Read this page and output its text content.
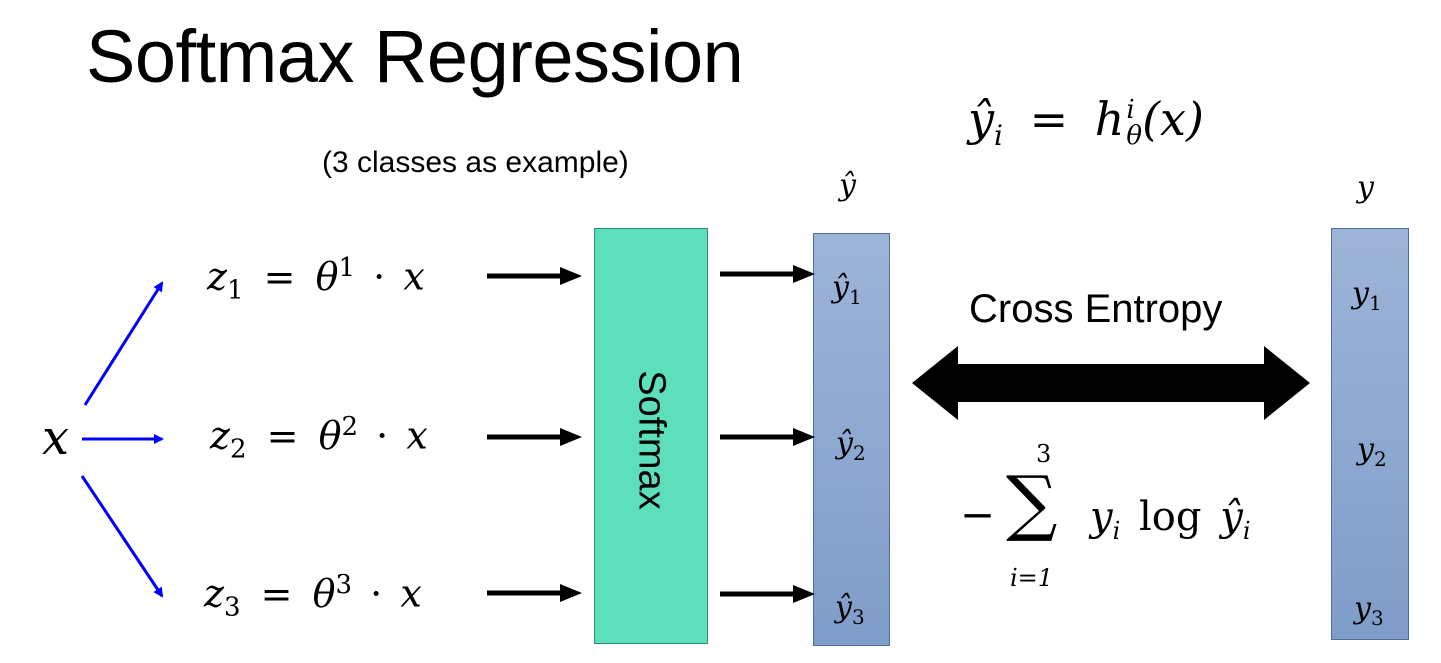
Softmax Regression
(3 classes as example)
$ŷ_i = h$ i
θ (x)
x
$z_1 = \theta^1 \cdot x$
$z_2 = \theta^2 \cdot x$
$z_3 = \theta^3 \cdot x$
Softmax
ŷ
$ŷ_1$
$ŷ_2$
$ŷ_3$
y
$y_1$
$y_2$
$y_3$
Cross Entropy
−
3
∑
i=1
$y_i$ $\log ŷ_i$
